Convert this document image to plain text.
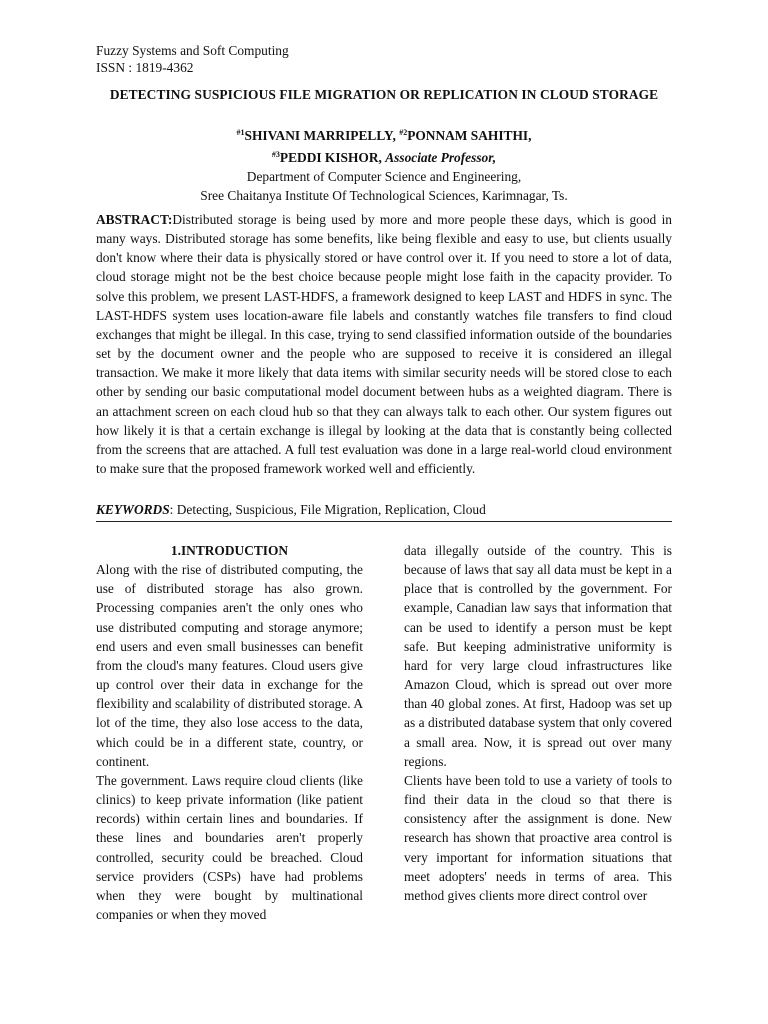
Fuzzy Systems and Soft Computing
ISSN : 1819-4362
DETECTING SUSPICIOUS FILE MIGRATION OR REPLICATION IN CLOUD STORAGE
$^{\#1}$SHIVANI MARRIPELLY, $^{\#2}$PONNAM SAHITHI,
$^{\#3}$PEDDI KISHOR, Associate Professor,
Department of Computer Science and Engineering,
Sree Chaitanya Institute Of Technological Sciences, Karimnagar, Ts.
ABSTRACT:Distributed storage is being used by more and more people these days, which is good in many ways. Distributed storage has some benefits, like being flexible and easy to use, but clients usually don't know where their data is physically stored or have control over it. If you need to store a lot of data, cloud storage might not be the best choice because people might lose faith in the capacity provider. To solve this problem, we present LAST-HDFS, a framework designed to keep LAST and HDFS in sync. The LAST-HDFS system uses location-aware file labels and constantly watches file transfers to find cloud exchanges that might be illegal. In this case, trying to send classified information outside of the boundaries set by the document owner and the people who are supposed to receive it is considered an illegal transaction. We make it more likely that data items with similar security needs will be stored close to each other by sending our basic computational model document between hubs as a weighted diagram. There is an attachment screen on each cloud hub so that they can always talk to each other. Our system figures out how likely it is that a certain exchange is illegal by looking at the data that is constantly being collected from the screens that are attached. A full test evaluation was done in a large real-world cloud environment to make sure that the proposed framework worked well and efficiently.
KEYWORDS: Detecting, Suspicious, File Migration, Replication, Cloud

1.INTRODUCTION

Along with the rise of distributed computing, the use of distributed storage has also grown. Processing companies aren't the only ones who use distributed computing and storage anymore; end users and even small businesses can benefit from the cloud's many features. Cloud users give up control over their data in exchange for the flexibility and scalability of distributed storage. A lot of the time, they also lose access to the data, which could be in a different state, country, or continent.

The government. Laws require cloud clients (like clinics) to keep private information (like patient records) within certain lines and boundaries. If these lines and boundaries aren't properly controlled, security could be breached. Cloud service providers (CSPs) have had problems when they were bought by multinational companies or when they moved

data illegally outside of the country. This is because of laws that say all data must be kept in a place that is controlled by the government. For example, Canadian law says that information that can be used to identify a person must be kept safe. But keeping administrative uniformity is hard for very large cloud infrastructures like Amazon Cloud, which is spread out over more than 40 global zones. At first, Hadoop was set up as a distributed database system that only covered a small area. Now, it is spread out over many regions.

Clients have been told to use a variety of tools to find their data in the cloud so that there is consistency after the assignment is done. New research has shown that proactive area control is very important for information situations that meet adopters' needs in terms of area. This method gives clients more direct control over
